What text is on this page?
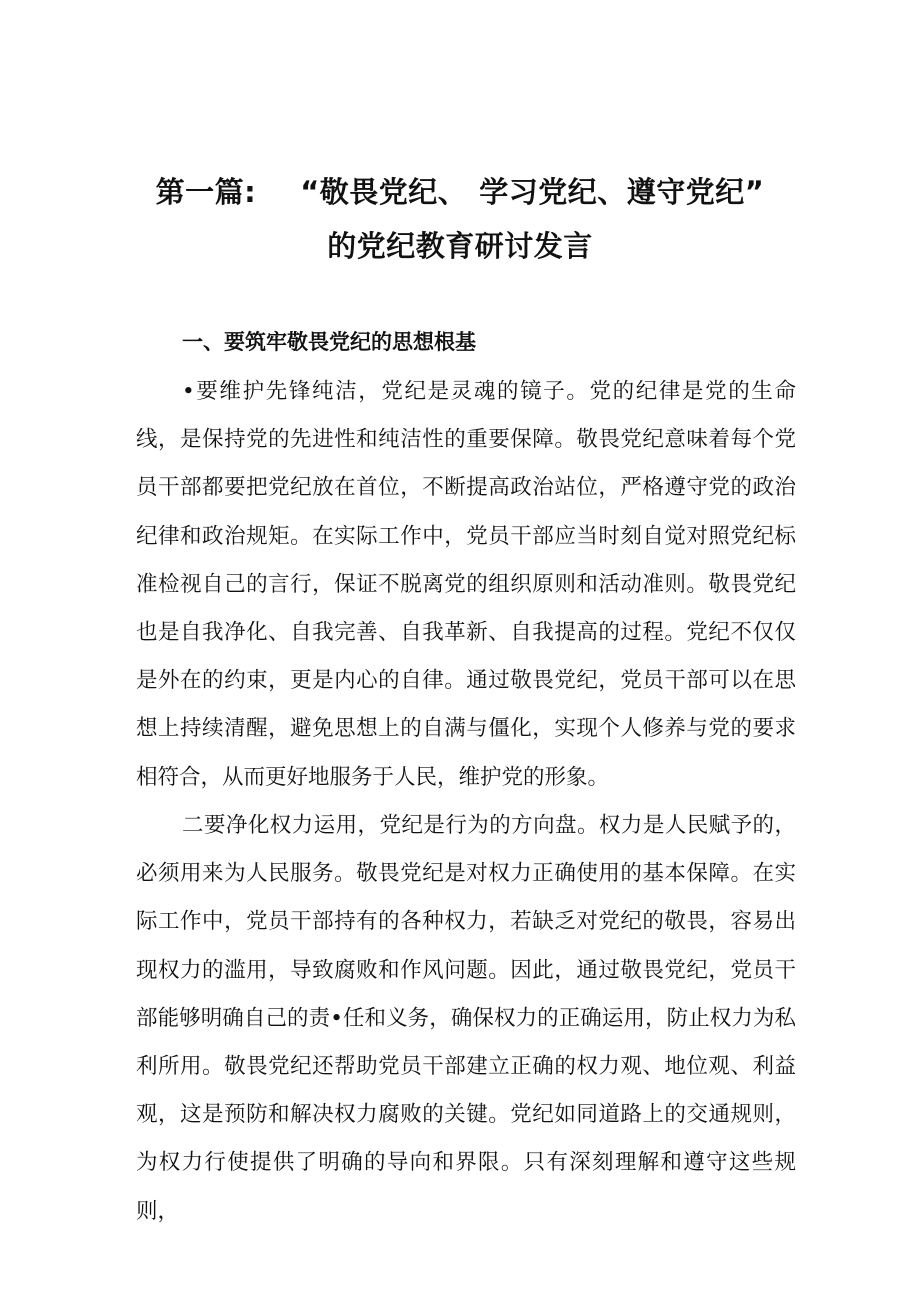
第一篇: “敬畏党纪、 学习党纪、遵守党纪”
的党纪教育研讨发言
一、要筑牢敬畏党纪的思想根基

•要维护先锋纯洁，党纪是灵魂的镜子。党的纪律是党的生命线，是保持党的先进性和纯洁性的重要保障。敬畏党纪意味着每个党员干部都要把党纪放在首位，不断提高政治站位，严格遵守党的政治纪律和政治规矩。在实际工作中，党员干部应当时刻自觉对照党纪标准检视自己的言行，保证不脱离党的组织原则和活动准则。敬畏党纪也是自我净化、自我完善、自我革新、自我提高的过程。党纪不仅仅是外在的约束，更是内心的自律。通过敬畏党纪，党员干部可以在思想上持续清醒，避免思想上的自满与僵化，实现个人修养与党的要求相符合，从而更好地服务于人民，维护党的形象。

二要净化权力运用，党纪是行为的方向盘。权力是人民赋予的，必须用来为人民服务。敬畏党纪是对权力正确使用的基本保障。在实际工作中，党员干部持有的各种权力，若缺乏对党纪的敬畏，容易出现权力的滥用，导致腐败和作风问题。因此，通过敬畏党纪，党员干部能够明确自己的责•任和义务，确保权力的正确运用，防止权力为私利所用。敬畏党纪还帮助党员干部建立正确的权力观、地位观、利益观，这是预防和解决权力腐败的关键。党纪如同道路上的交通规则，为权力行使提供了明确的导向和界限。只有深刻理解和遵守这些规则，
